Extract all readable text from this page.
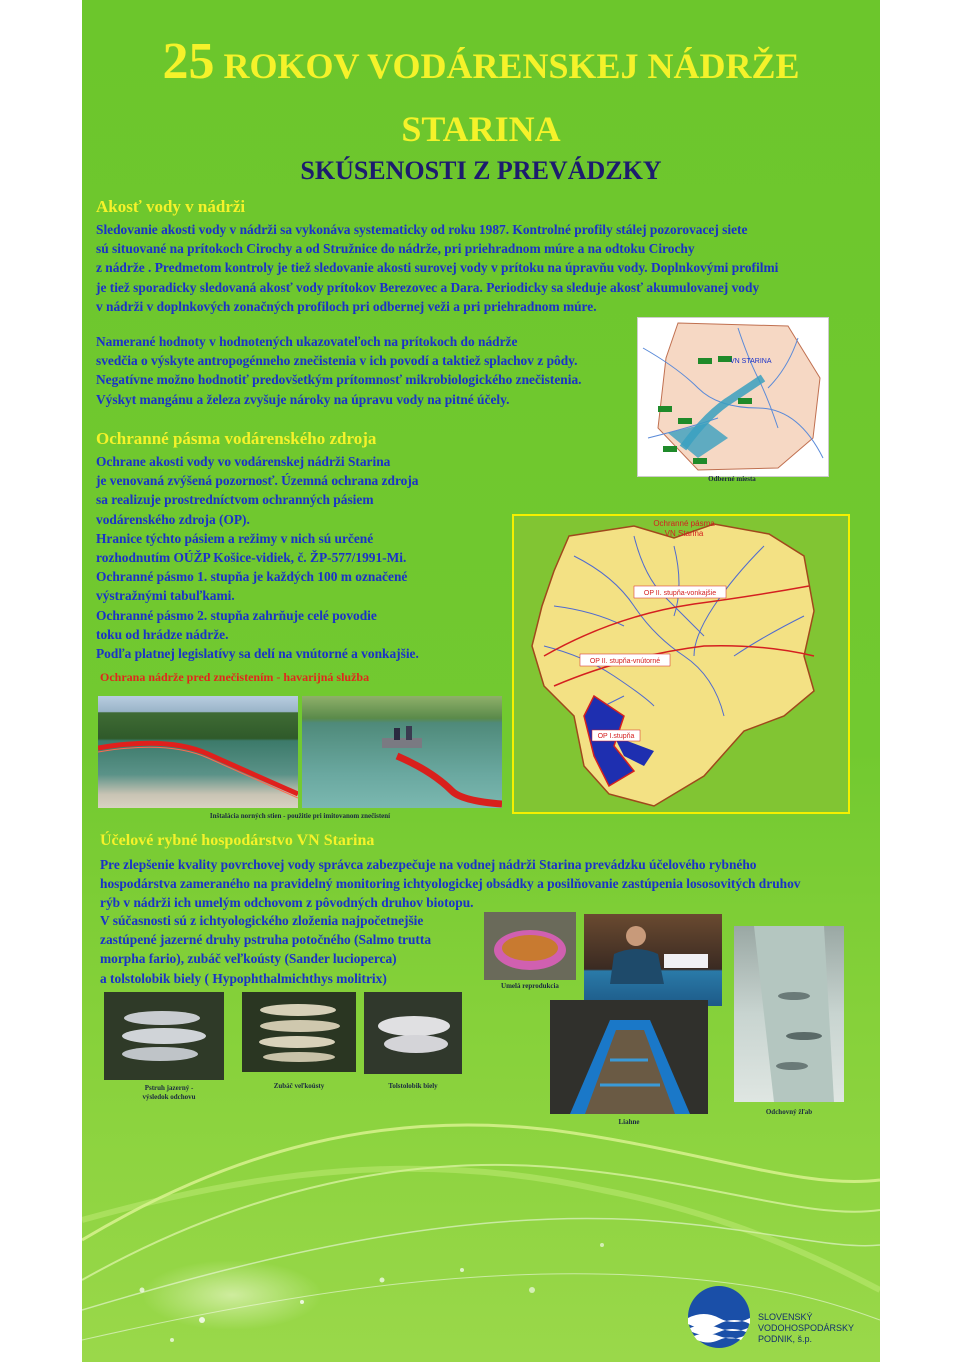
25 ROKOV VODÁRENSKEJ NÁDRŽE
STARINA
SKÚSENOSTI Z PREVÁDZKY
Akosť vody v nádrži
Sledovanie akosti vody v nádrži sa vykonáva systematicky od roku 1987. Kontrolné profily stálej pozorovacej siete
sú situované na prítokoch Cirochy a od Stružnice do nádrže, pri priehradnom múre a na odtoku Cirochy
z nádrže . Predmetom kontroly je tiež sledovanie akosti surovej vody v prítoku na úpravňu vody. Doplnkovými profilmi
je tiež sporadicky sledovaná akosť vody prítokov Berezovec a Dara. Periodicky sa sleduje akosť akumulovanej vody
v nádrži v doplnkových zonačných profiloch pri odbernej veži a pri priehradnom múre.
Namerané hodnoty v hodnotených ukazovateľoch na prítokoch do nádrže
svedčia o výskyte antropogénneho znečistenia v ich povodí a taktiež splachov z pôdy.
Negatívne možno hodnotiť predovšetkým prítomnosť mikrobiologického znečistenia.
Výskyt mangánu a železa zvyšuje nároky na úpravu vody na pitné účely.
VN STARINA
Odberné miesta
Ochranné pásma vodárenského zdroja
Ochrane akosti vody vo vodárenskej nádrži Starina
je venovaná zvýšená pozornosť. Územná ochrana zdroja
sa realizuje prostredníctvom ochranných pásiem
vodárenského zdroja (OP).
Hranice týchto pásiem a režimy v nich sú určené
rozhodnutím OÚŽP Košice-vidiek, č. ŽP-577/1991-Mi.
Ochranné pásmo 1. stupňa je každých 100 m označené
výstražnými tabuľkami.
Ochranné pásmo 2. stupňa zahrňuje celé povodie
toku od hrádze nádrže.
Podľa platnej legislatívy sa delí na vnútorné a vonkajšie.
Ochranné pásma
VN Starina
OP II. stupňa-vonkajšie
OP II. stupňa-vnútorné
OP I.stupňa
Ochrana nádrže pred znečistením - havarijná služba
Inštalácia norných stien - použitie pri imitovanom znečistení
Účelové rybné hospodárstvo VN Starina
Pre zlepšenie kvality povrchovej vody správca zabezpečuje na vodnej nádrži Starina prevádzku účelového rybného
hospodárstva zameraného na pravidelný monitoring ichtyologickej obsádky a posilňovanie zastúpenia lososovitých druhov
rýb v nádrži ich umelým odchovom z pôvodných druhov biotopu.
V súčasnosti sú z ichtyologického zloženia najpočetnejšie
zastúpené jazerné druhy pstruha potočného (Salmo trutta
morpha fario), zubáč veľkoústy (Sander lucioperca)
a tolstolobik biely ( Hypophthalmichthys molitrix)
Pstruh jazerný -
výsledok odchovu
Zubáč veľkoústy	Tolstolobik biely
Umelá reprodukcia
Liahne
Odchovný žľab
SLOVENSKÝ
VODOHOSPODÁRSKY
PODNIK, š.p.
